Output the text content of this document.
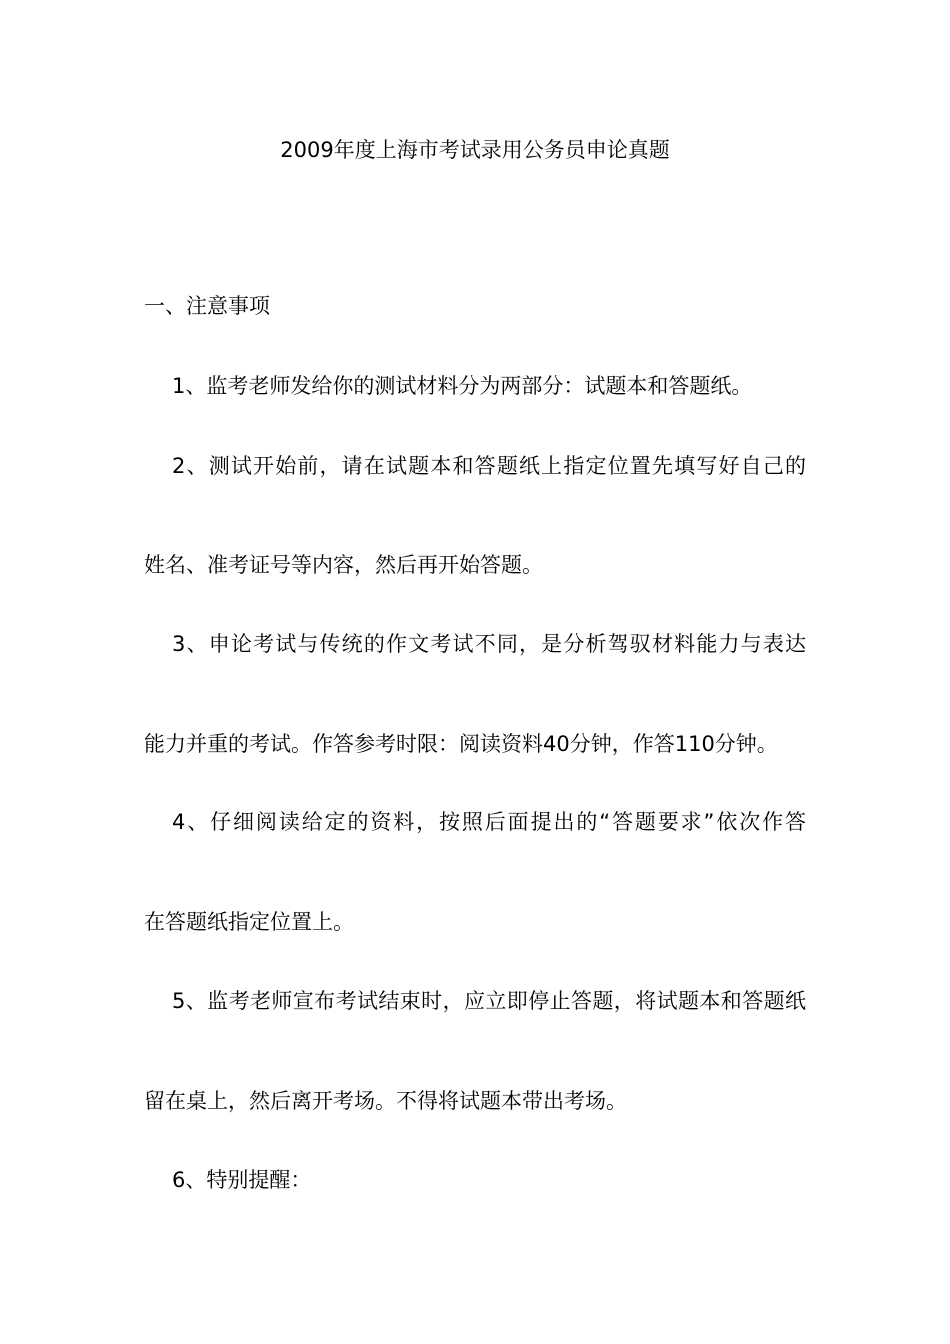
2009年度上海市考试录用公务员申论真题
一、注意事项
1、监考老师发给你的测试材料分为两部分：试题本和答题纸。
2、测试开始前，请在试题本和答题纸上指定位置先填写好自己的
姓名、准考证号等内容，然后再开始答题。
3、申论考试与传统的作文考试不同，是分析驾驭材料能力与表达
能力并重的考试。作答参考时限：阅读资料40分钟，作答110分钟。
4、仔细阅读给定的资料，按照后面提出的“答题要求”依次作答
在答题纸指定位置上。
5、监考老师宣布考试结束时，应立即停止答题，将试题本和答题纸
留在桌上，然后离开考场。不得将试题本带出考场。
6、特别提醒：
